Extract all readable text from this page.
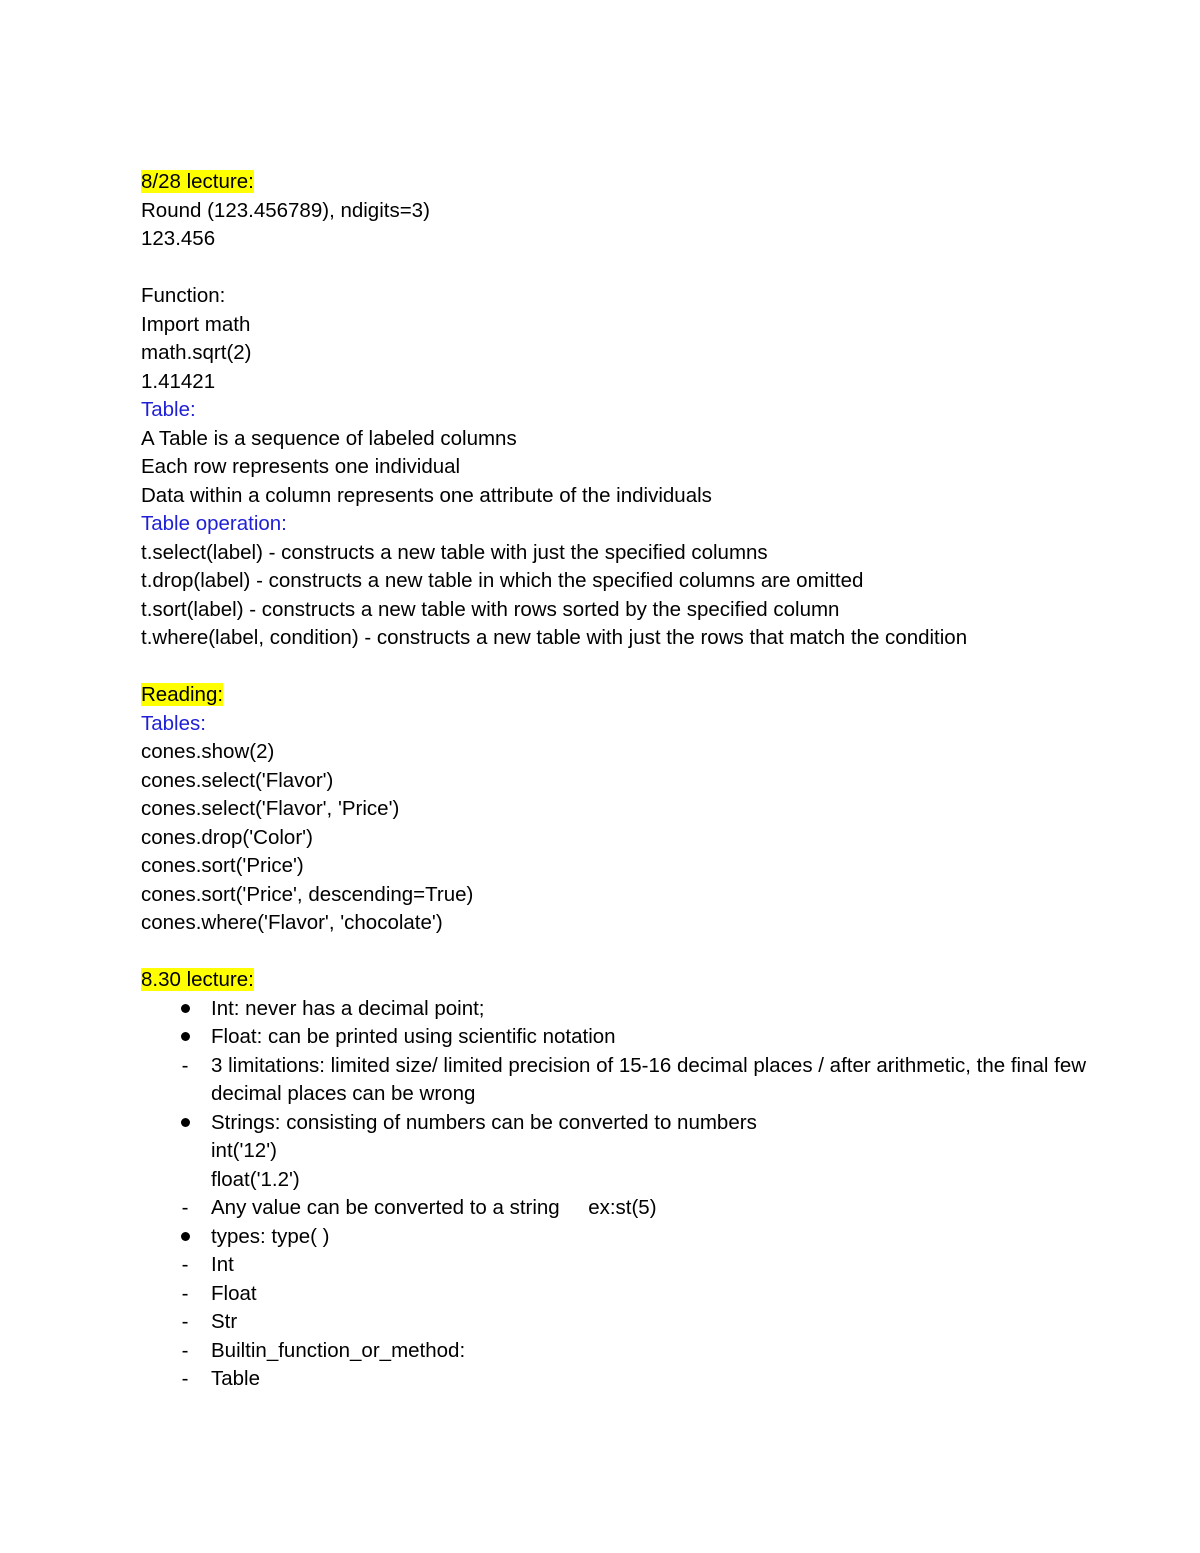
8/28 lecture:
Round (123.456789), ndigits=3)
123.456
Function:
Import math
math.sqrt(2)
1.41421
Table:
A Table is a sequence of labeled columns
Each row represents one individual
Data within a column represents one attribute of the individuals
Table operation:
t.select(label) - constructs a new table with just the specified columns
t.drop(label) - constructs a new table in which the specified columns are omitted
t.sort(label) - constructs a new table with rows sorted by the specified column
t.where(label, condition) - constructs a new table with just the rows that match the condition
Reading:
Tables:
cones.show(2)
cones.select('Flavor')
cones.select('Flavor', 'Price')
cones.drop('Color')
cones.sort('Price')
cones.sort('Price', descending=True)
cones.where('Flavor', 'chocolate')
8.30 lecture:
Int: never has a decimal point;
Float: can be printed using scientific notation
-	3 limitations: limited size/ limited precision of 15-16 decimal places / after arithmetic, the final few decimal places can be wrong
Strings: consisting of numbers can be converted to numbers
int('12')
float('1.2')
-	Any value can be converted to a string     ex:st(5)
types: type( )
-	Int
-	Float
-	Str
-	Builtin_function_or_method:
-	Table
